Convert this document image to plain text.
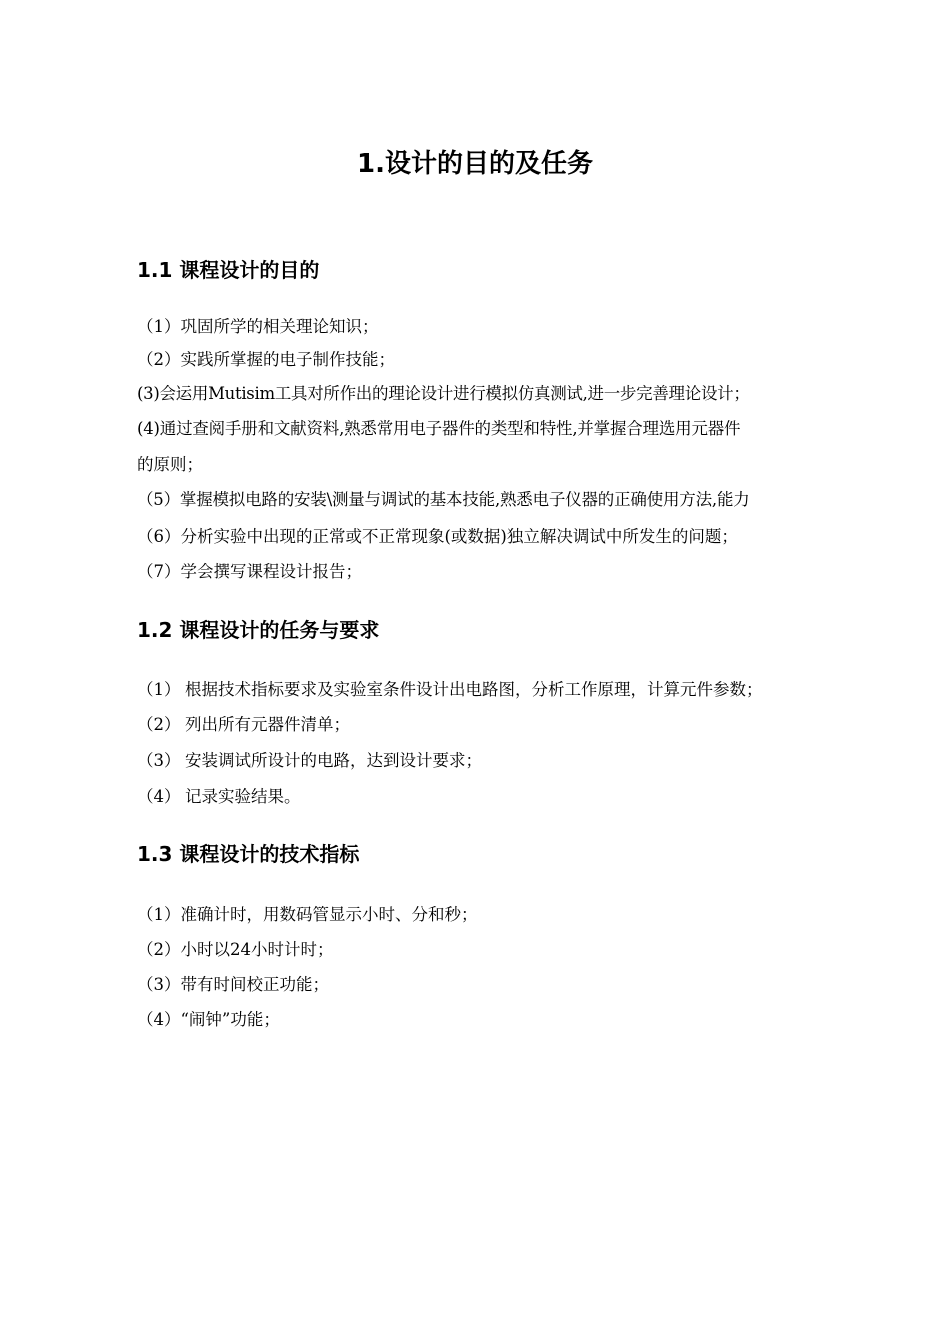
1.设计的目的及任务
1.1 课程设计的目的
（1）巩固所学的相关理论知识；
（2）实践所掌握的电子制作技能；
(3)会运用Mutisim工具对所作出的理论设计进行模拟仿真测试,进一步完善理论设计；
(4)通过查阅手册和文献资料,熟悉常用电子器件的类型和特性,并掌握合理选用元器件
的原则；
（5）掌握模拟电路的安装\测量与调试的基本技能,熟悉电子仪器的正确使用方法,能力
（6）分析实验中出现的正常或不正常现象(或数据)独立解决调试中所发生的问题；
（7）学会撰写课程设计报告；
1.2 课程设计的任务与要求
（1） 根据技术指标要求及实验室条件设计出电路图，分析工作原理，计算元件参数；
（2） 列出所有元器件清单；
（3） 安装调试所设计的电路，达到设计要求；
（4） 记录实验结果。
1.3 课程设计的技术指标
（1）准确计时，用数码管显示小时、分和秒；
（2）小时以24小时计时；
（3）带有时间校正功能；
（4）“闹钟”功能；
